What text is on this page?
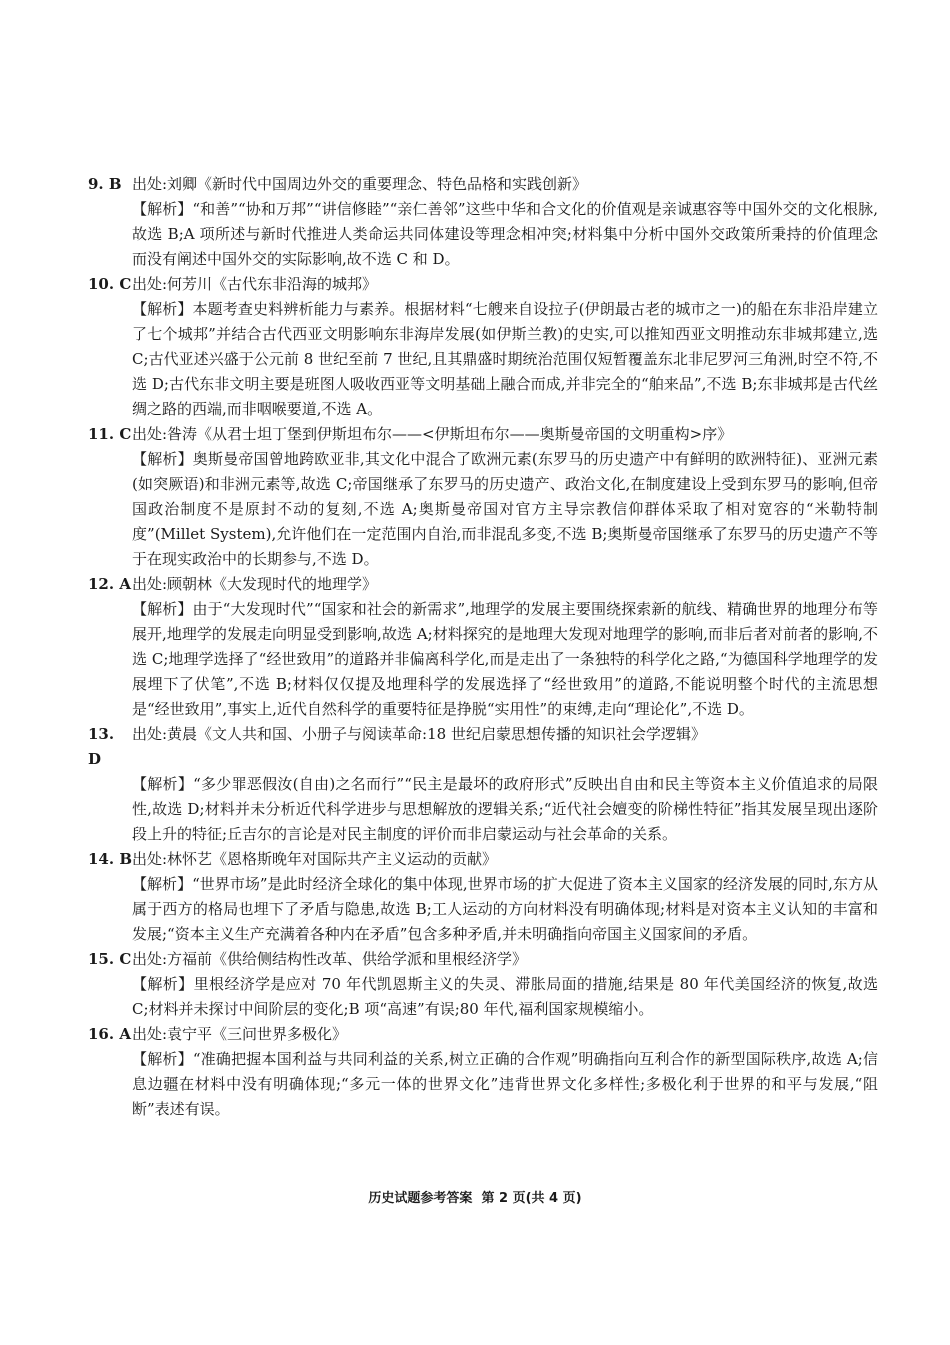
9. B 出处:刘卿《新时代中国周边外交的重要理念、特色品格和实践创新》
【解析】“和善”“协和万邦”“讲信修睦”“亲仁善邻”这些中华和合文化的价值观是亲诚惠容等中国外交的文化根脉,故选 B;A 项所述与新时代推进人类命运共同体建设等理念相冲突;材料集中分析中国外交政策所秉持的价值理念而没有阐述中国外交的实际影响,故不选 C 和 D。
10. C 出处:何芳川《古代东非沿海的城邦》
【解析】本题考查史料辨析能力与素养。根据材料“七艘来自设拉子(伊朗最古老的城市之一)的船在东非沿岸建立了七个城邦”并结合古代西亚文明影响东非海岸发展(如伊斯兰教)的史实,可以推知西亚文明推动东非城邦建立,选 C;古代亚述兴盛于公元前 8 世纪至前 7 世纪,且其鼎盛时期统治范围仅短暂覆盖东北非尼罗河三角洲,时空不符,不选 D;古代东非文明主要是班图人吸收西亚等文明基础上融合而成,并非完全的“舶来品”,不选 B;东非城邦是古代丝绸之路的西端,而非咽喉要道,不选 A。
11. C 出处:昝涛《从君士坦丁堡到伊斯坦布尔——<伊斯坦布尔——奥斯曼帝国的文明重构>序》
【解析】奥斯曼帝国曾地跨欧亚非,其文化中混合了欧洲元素(东罗马的历史遗产中有鲜明的欧洲特征)、亚洲元素(如突厥语)和非洲元素等,故选 C;帝国继承了东罗马的历史遗产、政治文化,在制度建设上受到东罗马的影响,但帝国政治制度不是原封不动的复刻,不选 A;奥斯曼帝国对官方主导宗教信仰群体采取了相对宽容的“米勒特制度”(Millet System),允许他们在一定范围内自治,而非混乱多变,不选 B;奥斯曼帝国继承了东罗马的历史遗产不等于在现实政治中的长期参与,不选 D。
12. A 出处:顾朝林《大发现时代的地理学》
【解析】由于“大发现时代”“国家和社会的新需求”,地理学的发展主要围绕探索新的航线、精确世界的地理分布等展开,地理学的发展走向明显受到影响,故选 A;材料探究的是地理大发现对地理学的影响,而非后者对前者的影响,不选 C;地理学选择了“经世致用”的道路并非偏离科学化,而是走出了一条独特的科学化之路,“为德国科学地理学的发展埋下了伏笔”,不选 B;材料仅仅提及地理科学的发展选择了“经世致用”的道路,不能说明整个时代的主流思想是“经世致用”,事实上,近代自然科学的重要特征是挣脱“实用性”的束缚,走向“理论化”,不选 D。
13. D
出处:黄晨《文人共和国、小册子与阅读革命:18 世纪启蒙思想传播的知识社会学逻辑》
【解析】“多少罪恶假汝(自由)之名而行”“民主是最坏的政府形式”反映出自由和民主等资本主义价值追求的局限性,故选 D;材料并未分析近代科学进步与思想解放的逻辑关系;“近代社会嬗变的阶梯性特征”指其发展呈现出逐阶段上升的特征;丘吉尔的言论是对民主制度的评价而非启蒙运动与社会革命的关系。
14. B 出处:林怀艺《恩格斯晚年对国际共产主义运动的贡献》
【解析】“世界市场”是此时经济全球化的集中体现,世界市场的扩大促进了资本主义国家的经济发展的同时,东方从属于西方的格局也埋下了矛盾与隐患,故选 B;工人运动的方向材料没有明确体现;材料是对资本主义认知的丰富和发展;“资本主义生产充满着各种内在矛盾”包含多种矛盾,并未明确指向帝国主义国家间的矛盾。
15. C 出处:方福前《供给侧结构性改革、供给学派和里根经济学》
【解析】里根经济学是应对 70 年代凯恩斯主义的失灵、滞胀局面的措施,结果是 80 年代美国经济的恢复,故选 C;材料并未探讨中间阶层的变化;B 项“高速”有误;80 年代,福利国家规模缩小。
16. A 出处:袁宁平《三问世界多极化》
【解析】“准确把握本国利益与共同利益的关系,树立正确的合作观”明确指向互利合作的新型国际秩序,故选 A;信息边疆在材料中没有明确体现;“多元一体的世界文化”违背世界文化多样性;多极化利于世界的和平与发展,“阻断”表述有误。
历史试题参考答案  第 2 页(共 4 页)
